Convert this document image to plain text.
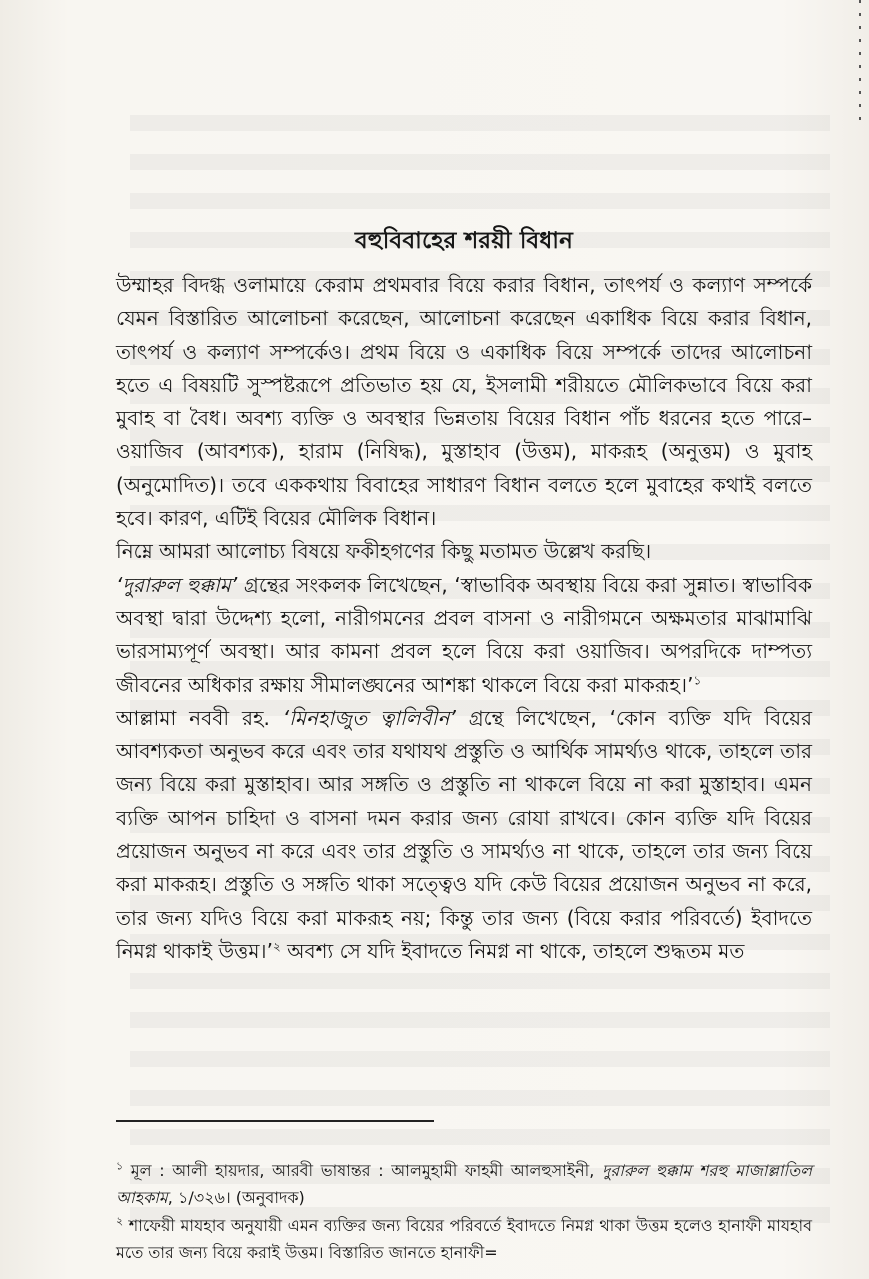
বহুবিবাহের শরয়ী বিধান

উম্মাহর বিদগ্ধ ওলামায়ে কেরাম প্রথমবার বিয়ে করার বিধান, তাৎপর্য ও কল্যাণ সম্পর্কে যেমন বিস্তারিত আলোচনা করেছেন, আলোচনা করেছেন একাধিক বিয়ে করার বিধান, তাৎপর্য ও কল্যাণ সম্পর্কেও। প্রথম বিয়ে ও একাধিক বিয়ে সম্পর্কে তাদের আলোচনা হতে এ বিষয়টি সুস্পষ্টরূপে প্রতিভাত হয় যে, ইসলামী শরীয়তে মৌলিকভাবে বিয়ে করা মুবাহ বা বৈধ। অবশ্য ব্যক্তি ও অবস্থার ভিন্নতায় বিয়ের বিধান পাঁচ ধরনের হতে পারে–ওয়াজিব (আবশ্যক), হারাম (নিষিদ্ধ), মুস্তাহাব (উত্তম), মাকরূহ (অনুত্তম) ও মুবাহ (অনুমোদিত)। তবে এককথায় বিবাহের সাধারণ বিধান বলতে হলে মুবাহের কথাই বলতে হবে। কারণ, এটিই বিয়ের মৌলিক বিধান।

নিম্নে আমরা আলোচ্য বিষয়ে ফকীহগণের কিছু মতামত উল্লেখ করছি।

‘দুরারুল হুক্কাম’ গ্রন্থের সংকলক লিখেছেন, ‘স্বাভাবিক অবস্থায় বিয়ে করা সুন্নাত। স্বাভাবিক অবস্থা দ্বারা উদ্দেশ্য হলো, নারীগমনের প্রবল বাসনা ও নারীগমনে অক্ষমতার মাঝামাঝি ভারসাম্যপূর্ণ অবস্থা। আর কামনা প্রবল হলে বিয়ে করা ওয়াজিব। অপরদিকে দাম্পত্য জীবনের অধিকার রক্ষায় সীমালঙ্ঘনের আশঙ্কা থাকলে বিয়ে করা মাকরূহ।’$^১$

আল্লামা নববী রহ. ‘মিনহাজুত ত্বালিবীন’ গ্রন্থে লিখেছেন, ‘কোন ব্যক্তি যদি বিয়ের আবশ্যকতা অনুভব করে এবং তার যথাযথ প্রস্তুতি ও আর্থিক সামর্থ্যও থাকে, তাহলে তার জন্য বিয়ে করা মুস্তাহাব। আর সঙ্গতি ও প্রস্তুতি না থাকলে বিয়ে না করা মুস্তাহাব। এমন ব্যক্তি আপন চাহিদা ও বাসনা দমন করার জন্য রোযা রাখবে। কোন ব্যক্তি যদি বিয়ের প্রয়োজন অনুভব না করে এবং তার প্রস্তুতি ও সামর্থ্যও না থাকে, তাহলে তার জন্য বিয়ে করা মাকরূহ। প্রস্তুতি ও সঙ্গতি থাকা সত্ত্বেও যদি কেউ বিয়ের প্রয়োজন অনুভব না করে, তার জন্য যদিও বিয়ে করা মাকরূহ নয়; কিন্তু তার জন্য (বিয়ে করার পরিবর্তে) ইবাদতে নিমগ্ন থাকাই উত্তম।’$^২$ অবশ্য সে যদি ইবাদতে নিমগ্ন না থাকে, তাহলে শুদ্ধতম মত

$^১$ মূল : আলী হায়দার, আরবী ভাষান্তর : আলমুহামী ফাহমী আলহুসাইনী, দুরারুল হুক্কাম শরহু মাজাল্লাতিল আহকাম, ১/৩২৬। (অনুবাদক)

$^২$ শাফেয়ী মাযহাব অনুযায়ী এমন ব্যক্তির জন্য বিয়ের পরিবর্তে ইবাদতে নিমগ্ন থাকা উত্তম হলেও হানাফী মাযহাব মতে তার জন্য বিয়ে করাই উত্তম। বিস্তারিত জানতে হানাফী=
